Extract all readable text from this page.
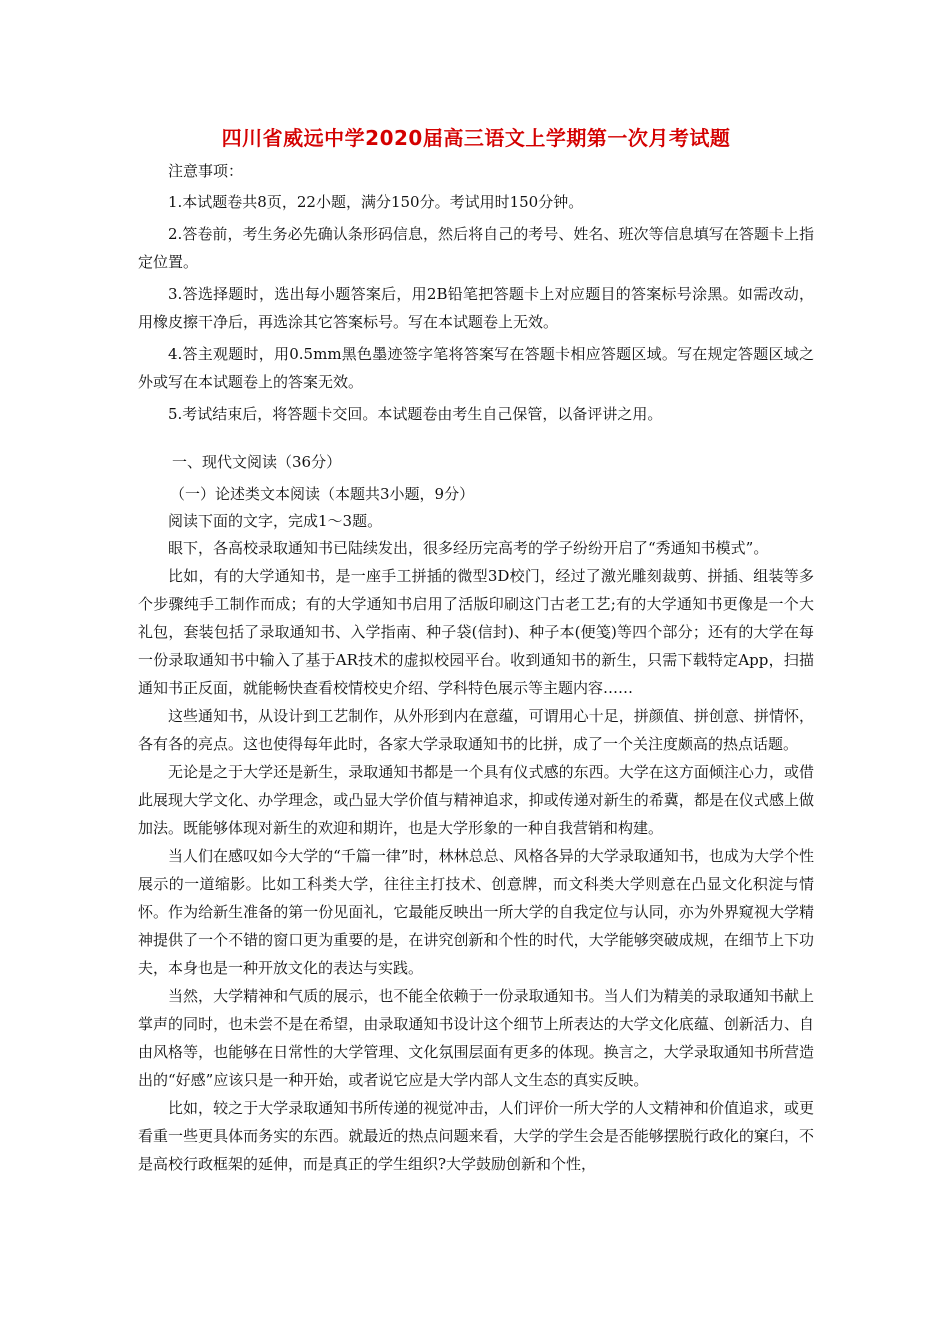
四川省威远中学2020届高三语文上学期第一次月考试题

注意事项：

1.本试题卷共8页，22小题，满分150分。考试用时150分钟。

2.答卷前，考生务必先确认条形码信息，然后将自己的考号、姓名、班次等信息填写在答题卡上指定位置。

3.答选择题时，选出每小题答案后，用2B铅笔把答题卡上对应题目的答案标号涂黑。如需改动，用橡皮擦干净后，再选涂其它答案标号。写在本试题卷上无效。

4.答主观题时，用0.5mm黑色墨迹签字笔将答案写在答题卡相应答题区域。写在规定答题区域之外或写在本试题卷上的答案无效。

5.考试结束后，将答题卡交回。本试题卷由考生自己保管，以备评讲之用。

一、现代文阅读（36分）

（一）论述类文本阅读（本题共3小题，9分）

阅读下面的文字，完成1～3题。

眼下，各高校录取通知书已陆续发出，很多经历完高考的学子纷纷开启了“秀通知书模式”。

比如，有的大学通知书，是一座手工拼插的微型3D校门，经过了激光雕刻裁剪、拼插、组装等多个步骤纯手工制作而成；有的大学通知书启用了活版印刷这门古老工艺;有的大学通知书更像是一个大礼包，套装包括了录取通知书、入学指南、种子袋(信封)、种子本(便笺)等四个部分；还有的大学在每一份录取通知书中输入了基于AR技术的虚拟校园平台。收到通知书的新生，只需下载特定App，扫描通知书正反面，就能畅快查看校情校史介绍、学科特色展示等主题内容……

这些通知书，从设计到工艺制作，从外形到内在意蕴，可谓用心十足，拼颜值、拼创意、拼情怀，各有各的亮点。这也使得每年此时，各家大学录取通知书的比拼，成了一个关注度颇高的热点话题。

无论是之于大学还是新生，录取通知书都是一个具有仪式感的东西。大学在这方面倾注心力，或借此展现大学文化、办学理念，或凸显大学价值与精神追求，抑或传递对新生的希冀，都是在仪式感上做加法。既能够体现对新生的欢迎和期许，也是大学形象的一种自我营销和构建。

当人们在感叹如今大学的“千篇一律”时，林林总总、风格各异的大学录取通知书，也成为大学个性展示的一道缩影。比如工科类大学，往往主打技术、创意牌，而文科类大学则意在凸显文化积淀与情怀。作为给新生准备的第一份见面礼，它最能反映出一所大学的自我定位与认同，亦为外界窥视大学精神提供了一个不错的窗口更为重要的是，在讲究创新和个性的时代，大学能够突破成规，在细节上下功夫，本身也是一种开放文化的表达与实践。

当然，大学精神和气质的展示，也不能全依赖于一份录取通知书。当人们为精美的录取通知书献上掌声的同时，也未尝不是在希望，由录取通知书设计这个细节上所表达的大学文化底蕴、创新活力、自由风格等，也能够在日常性的大学管理、文化氛围层面有更多的体现。换言之，大学录取通知书所营造出的“好感”应该只是一种开始，或者说它应是大学内部人文生态的真实反映。

比如，较之于大学录取通知书所传递的视觉冲击，人们评价一所大学的人文精神和价值追求，或更看重一些更具体而务实的东西。就最近的热点问题来看，大学的学生会是否能够摆脱行政化的窠臼，不是高校行政框架的延伸，而是真正的学生组织?大学鼓励创新和个性，
